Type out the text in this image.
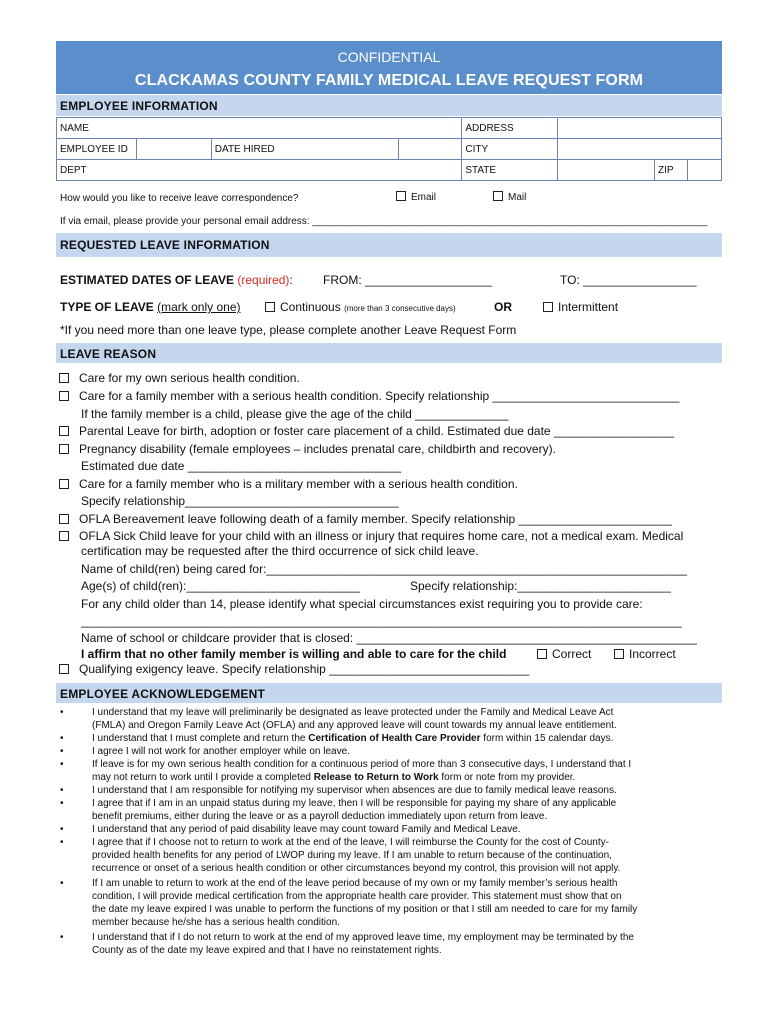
CONFIDENTIAL
CLACKAMAS COUNTY FAMILY MEDICAL LEAVE REQUEST FORM
EMPLOYEE INFORMATION
NAME				ADDRESS			
EMPLOYEE ID		DATE HIRED		CITY			
DEPT				STATE		ZIP	
How would you like to receive leave correspondence?	Email	Mail
If via email, please provide your personal email address: _______________________________________________________________________
REQUESTED LEAVE INFORMATION
ESTIMATED DATES OF LEAVE (required):	FROM: ___________________	TO: _________________
TYPE OF LEAVE (mark only one)	Continuous (more than 3 consecutive days)	OR	Intermittent
*If you need more than one leave type, please complete another Leave Request Form
LEAVE REASON
Care for my own serious health condition.
Care for a family member with a serious health condition. Specify relationship ____________________________
If the family member is a child, please give the age of the child ______________
Parental Leave for birth, adoption or foster care placement of a child. Estimated due date __________________
Pregnancy disability (female employees – includes prenatal care, childbirth and recovery).
Estimated due date ________________________________
Care for a family member who is a military member with a serious health condition.
Specify relationship________________________________
OFLA Bereavement leave following death of a family member. Specify relationship _______________________
OFLA Sick Child leave for your child with an illness or injury that requires home care, not a medical exam. Medical
certification may be requested after the third occurrence of sick child leave.
Name of child(ren) being cared for:_______________________________________________________________
Age(s) of child(ren):__________________________	Specify relationship:_______________________
For any child older than 14, please identify what special circumstances exist requiring you to provide care:
__________________________________________________________________________________________
Name of school or childcare provider that is closed: ___________________________________________________
I affirm that no other family member is willing and able to care for the child	Correct	Incorrect
Qualifying exigency leave. Specify relationship ______________________________
EMPLOYEE ACKNOWLEDGEMENT
•	I understand that my leave will preliminarily be designated as leave protected under the Family and Medical Leave Act
(FMLA) and Oregon Family Leave Act (OFLA) and any approved leave will count towards my annual leave entitlement.
•	I understand that I must complete and return the Certification of Health Care Provider form within 15 calendar days.
•	I agree I will not work for another employer while on leave.
•	If leave is for my own serious health condition for a continuous period of more than 3 consecutive days, I understand that I
may not return to work until I provide a completed Release to Return to Work form or note from my provider.
•	I understand that I am responsible for notifying my supervisor when absences are due to family medical leave reasons.
•	I agree that if I am in an unpaid status during my leave, then I will be responsible for paying my share of any applicable
benefit premiums, either during the leave or as a payroll deduction immediately upon return from leave.
•	I understand that any period of paid disability leave may count toward Family and Medical Leave.
•	I agree that if I choose not to return to work at the end of the leave, I will reimburse the County for the cost of County-
provided health benefits for any period of LWOP during my leave. If I am unable to return because of the continuation,
recurrence or onset of a serious health condition or other circumstances beyond my control, this provision will not apply.
•	If I am unable to return to work at the end of the leave period because of my own or my family member’s serious health
condition, I will provide medical certification from the appropriate health care provider. This statement must show that on
the date my leave expired I was unable to perform the functions of my position or that I still am needed to care for my family
member because he/she has a serious health condition.
•	I understand that if I do not return to work at the end of my approved leave time, my employment may be terminated by the
County as of the date my leave expired and that I have no reinstatement rights.
